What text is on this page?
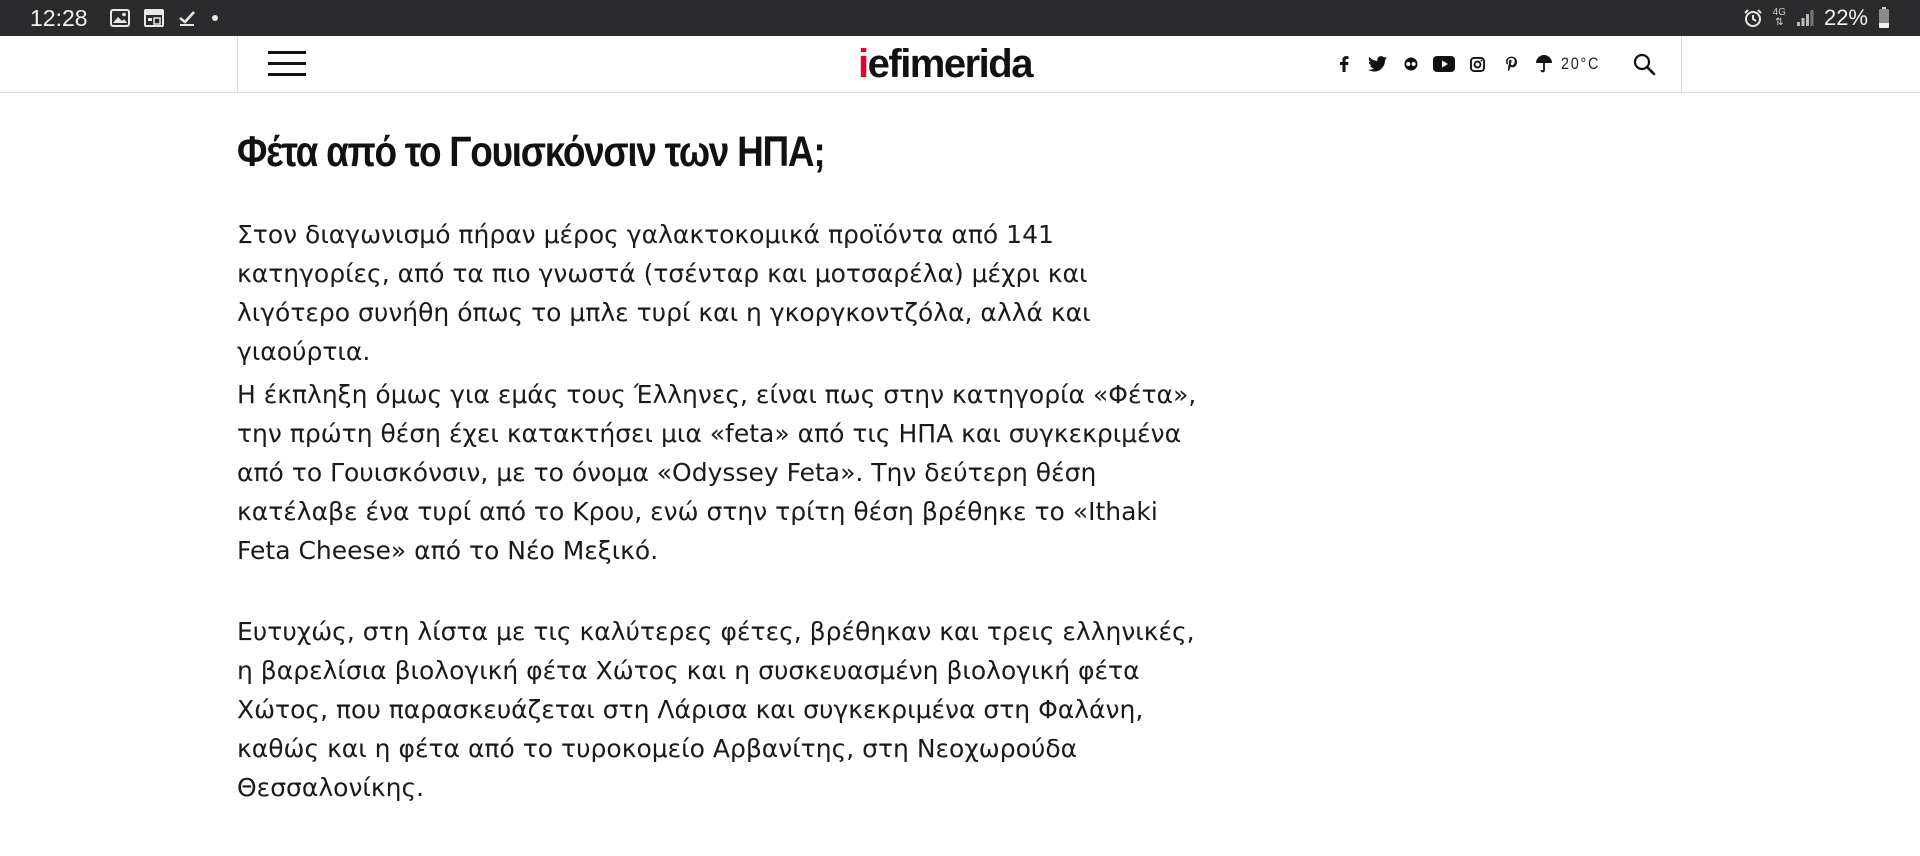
12:28	4G
⇅ 22%
iefimerida	20°C
Φέτα από το Γουισκόνσιν των ΗΠΑ;

Στον διαγωνισμό πήραν μέρος γαλακτοκομικά προϊόντα από 141 κατηγορίες, από τα πιο γνωστά (τσένταρ και μοτσαρέλα) μέχρι και λιγότερο συνήθη όπως το μπλε τυρί και η γκοργκοντζόλα, αλλά και γιαούρτια.

Η έκπληξη όμως για εμάς τους Έλληνες, είναι πως στην κατηγορία «Φέτα», την πρώτη θέση έχει κατακτήσει μια «feta» από τις ΗΠΑ και συγκεκριμένα από το Γουισκόνσιν, με το όνομα «Odyssey Feta». Την δεύτερη θέση κατέλαβε ένα τυρί από το Κρου, ενώ στην τρίτη θέση βρέθηκε το «Ithaki Feta Cheese» από το Νέο Μεξικό.

Ευτυχώς, στη λίστα με τις καλύτερες φέτες, βρέθηκαν και τρεις ελληνικές, η βαρελίσια βιολογική φέτα Χώτος και η συσκευασμένη βιολογική φέτα Χώτος, που παρασκευάζεται στη Λάρισα και συγκεκριμένα στη Φαλάνη, καθώς και η φέτα από το τυροκομείο Αρβανίτης, στη Νεοχωρούδα Θεσσαλονίκης.
